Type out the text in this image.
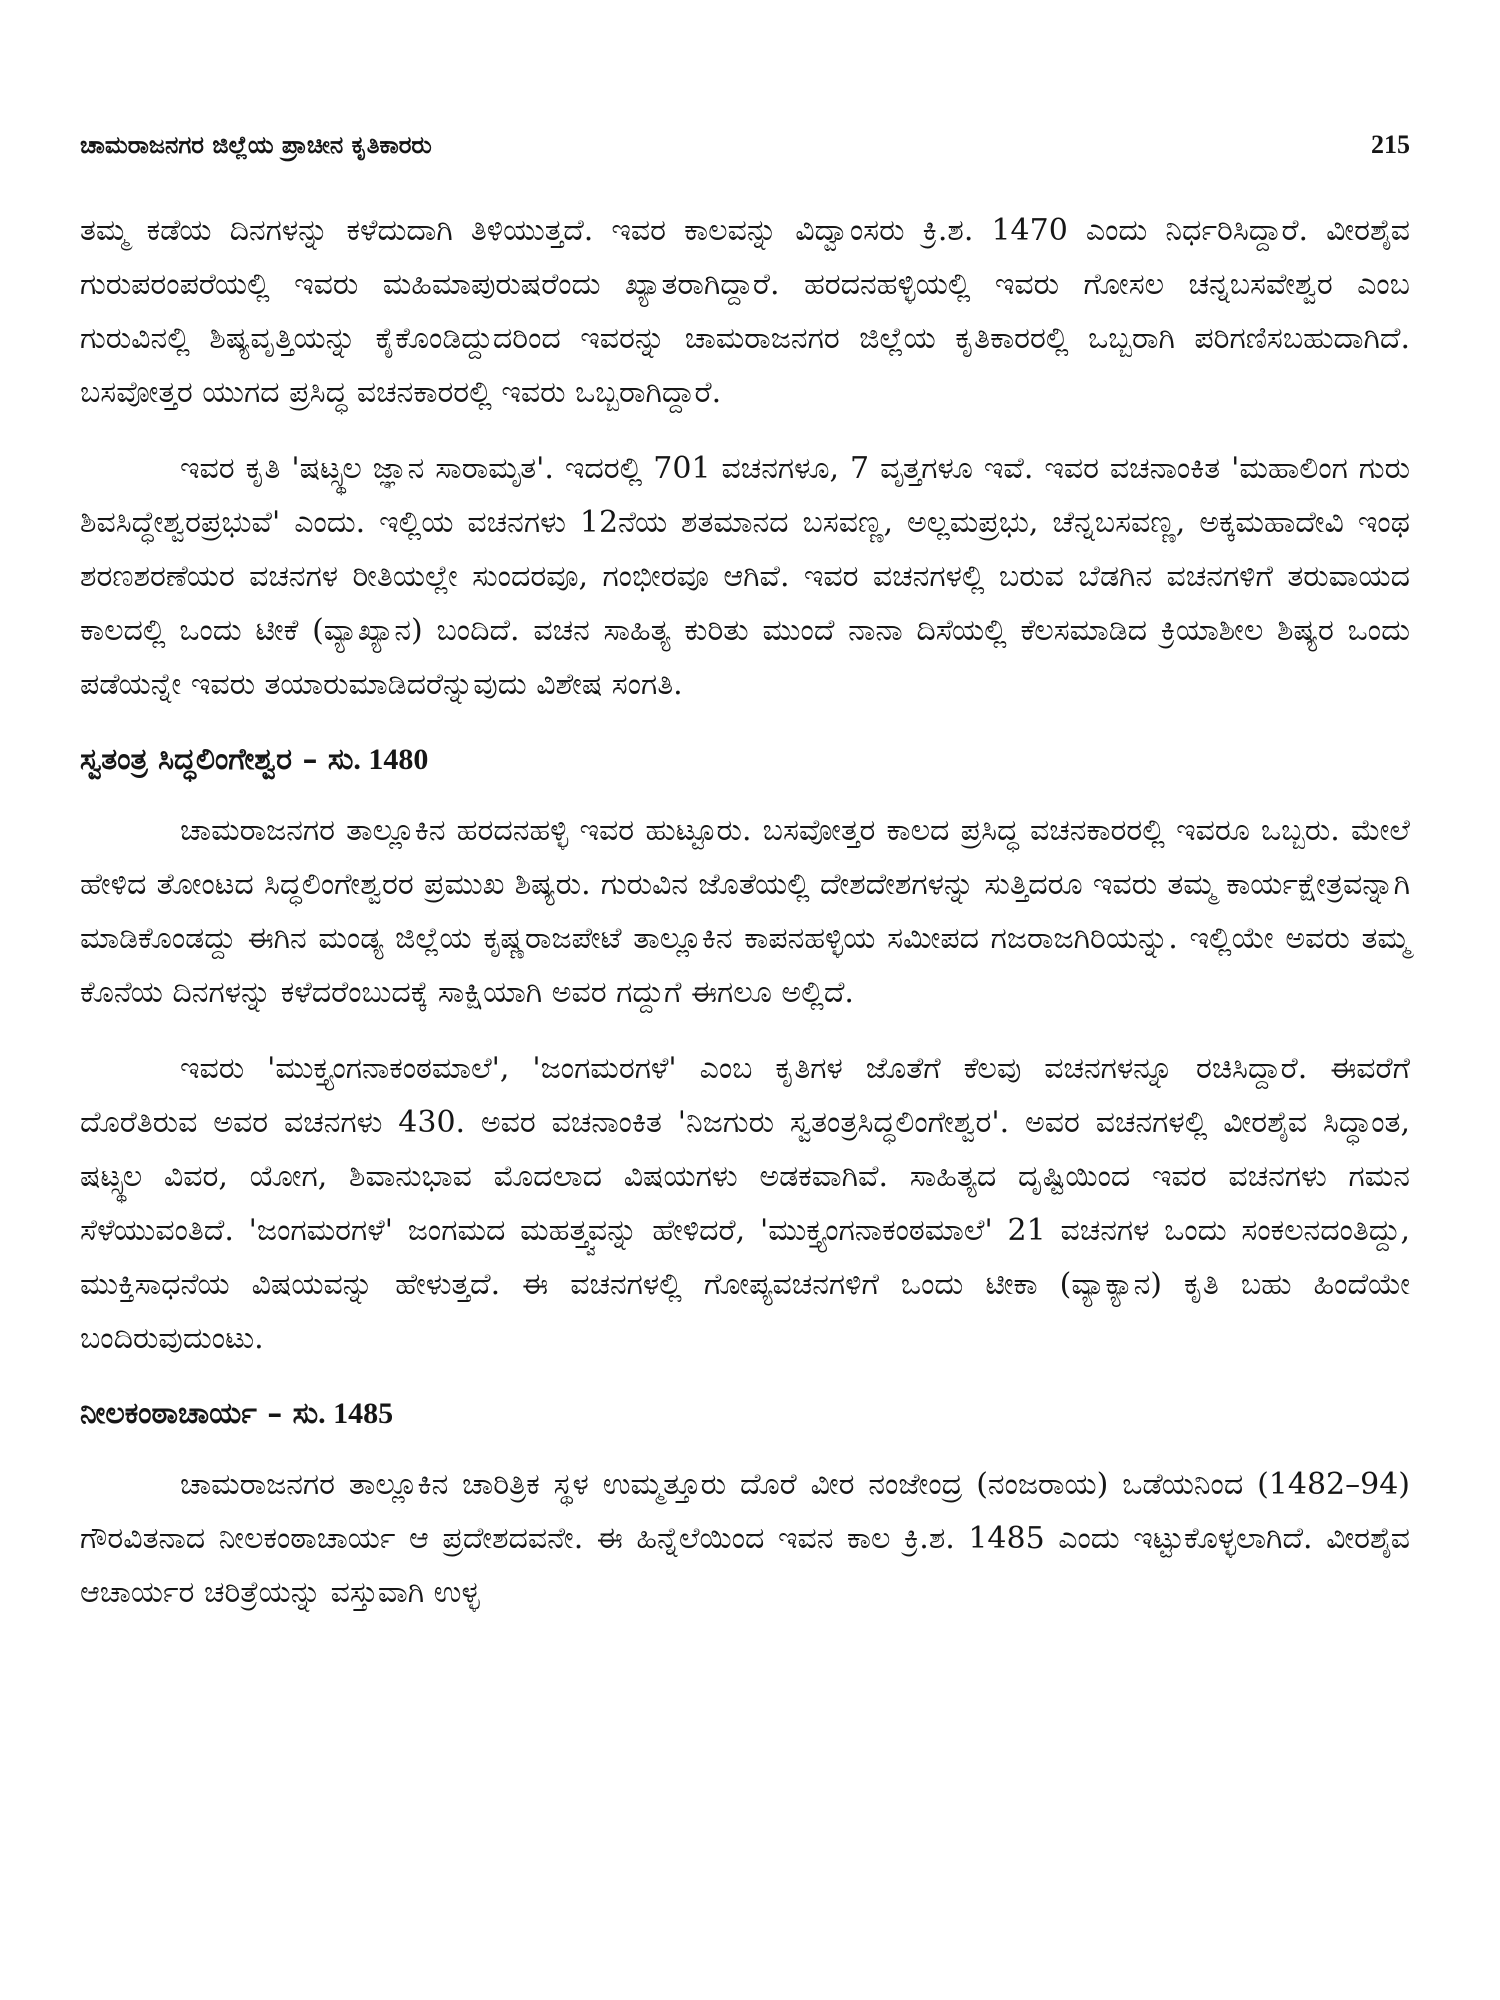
ಚಾಮರಾಜನಗರ ಜಿಲ್ಲೆಯ ಪ್ರಾಚೀನ ಕೃತಿಕಾರರು	215

ತಮ್ಮ ಕಡೆಯ ದಿನಗಳನ್ನು ಕಳೆದುದಾಗಿ ತಿಳಿಯುತ್ತದೆ. ಇವರ ಕಾಲವನ್ನು ವಿದ್ವಾಂಸರು ಕ್ರಿ.ಶ. 1470 ಎಂದು ನಿರ್ಧರಿಸಿದ್ದಾರೆ. ವೀರಶೈವ ಗುರುಪರಂಪರೆಯಲ್ಲಿ ಇವರು ಮಹಿಮಾಪುರುಷರೆಂದು ಖ್ಯಾತರಾಗಿದ್ದಾರೆ. ಹರದನಹಳ್ಳಿಯಲ್ಲಿ ಇವರು ಗೋಸಲ ಚನ್ನಬಸವೇಶ್ವರ ಎಂಬ ಗುರುವಿನಲ್ಲಿ ಶಿಷ್ಯವೃತ್ತಿಯನ್ನು ಕೈಕೊಂಡಿದ್ದುದರಿಂದ ಇವರನ್ನು ಚಾಮರಾಜನಗರ ಜಿಲ್ಲೆಯ ಕೃತಿಕಾರರಲ್ಲಿ ಒಬ್ಬರಾಗಿ ಪರಿಗಣಿಸಬಹುದಾಗಿದೆ. ಬಸವೋತ್ತರ ಯುಗದ ಪ್ರಸಿದ್ಧ ವಚನಕಾರರಲ್ಲಿ ಇವರು ಒಬ್ಬರಾಗಿದ್ದಾರೆ.

ಇವರ ಕೃತಿ 'ಷಟ್ಸ್ಥಲ ಜ್ಞಾನ ಸಾರಾಮೃತ'. ಇದರಲ್ಲಿ 701 ವಚನಗಳೂ, 7 ವೃತ್ತಗಳೂ ಇವೆ. ಇವರ ವಚನಾಂಕಿತ 'ಮಹಾಲಿಂಗ ಗುರು ಶಿವಸಿದ್ಧೇಶ್ವರಪ್ರಭುವೆ' ಎಂದು. ಇಲ್ಲಿಯ ವಚನಗಳು 12ನೆಯ ಶತಮಾನದ ಬಸವಣ್ಣ, ಅಲ್ಲಮಪ್ರಭು, ಚೆನ್ನಬಸವಣ್ಣ, ಅಕ್ಕಮಹಾದೇವಿ ಇಂಥ ಶರಣಶರಣೆಯರ ವಚನಗಳ ರೀತಿಯಲ್ಲೇ ಸುಂದರವೂ, ಗಂಭೀರವೂ ಆಗಿವೆ. ಇವರ ವಚನಗಳಲ್ಲಿ ಬರುವ ಬೆಡಗಿನ ವಚನಗಳಿಗೆ ತರುವಾಯದ ಕಾಲದಲ್ಲಿ ಒಂದು ಟೀಕೆ (ವ್ಯಾಖ್ಯಾನ) ಬಂದಿದೆ. ವಚನ ಸಾಹಿತ್ಯ ಕುರಿತು ಮುಂದೆ ನಾನಾ ದಿಸೆಯಲ್ಲಿ ಕೆಲಸಮಾಡಿದ ಕ್ರಿಯಾಶೀಲ ಶಿಷ್ಯರ ಒಂದು ಪಡೆಯನ್ನೇ ಇವರು ತಯಾರುಮಾಡಿದರೆನ್ನುವುದು ವಿಶೇಷ ಸಂಗತಿ.

ಸ್ವತಂತ್ರ ಸಿದ್ಧಲಿಂಗೇಶ್ವರ – ಸು. 1480

ಚಾಮರಾಜನಗರ ತಾಲ್ಲೂಕಿನ ಹರದನಹಳ್ಳಿ ಇವರ ಹುಟ್ಟೂರು. ಬಸವೋತ್ತರ ಕಾಲದ ಪ್ರಸಿದ್ಧ ವಚನಕಾರರಲ್ಲಿ ಇವರೂ ಒಬ್ಬರು. ಮೇಲೆ ಹೇಳಿದ ತೋಂಟದ ಸಿದ್ಧಲಿಂಗೇಶ್ವರರ ಪ್ರಮುಖ ಶಿಷ್ಯರು. ಗುರುವಿನ ಜೊತೆಯಲ್ಲಿ ದೇಶದೇಶಗಳನ್ನು ಸುತ್ತಿದರೂ ಇವರು ತಮ್ಮ ಕಾರ್ಯಕ್ಷೇತ್ರವನ್ನಾಗಿ ಮಾಡಿಕೊಂಡದ್ದು ಈಗಿನ ಮಂಡ್ಯ ಜಿಲ್ಲೆಯ ಕೃಷ್ಣರಾಜಪೇಟೆ ತಾಲ್ಲೂಕಿನ ಕಾಪನಹಳ್ಳಿಯ ಸಮೀಪದ ಗಜರಾಜಗಿರಿಯನ್ನು. ಇಲ್ಲಿಯೇ ಅವರು ತಮ್ಮ ಕೊನೆಯ ದಿನಗಳನ್ನು ಕಳೆದರೆಂಬುದಕ್ಕೆ ಸಾಕ್ಷಿಯಾಗಿ ಅವರ ಗದ್ದುಗೆ ಈಗಲೂ ಅಲ್ಲಿದೆ.

ಇವರು 'ಮುಕ್ತ್ಯಂಗನಾಕಂಠಮಾಲೆ', 'ಜಂಗಮರಗಳೆ' ಎಂಬ ಕೃತಿಗಳ ಜೊತೆಗೆ ಕೆಲವು ವಚನಗಳನ್ನೂ ರಚಿಸಿದ್ದಾರೆ. ಈವರೆಗೆ ದೊರೆತಿರುವ ಅವರ ವಚನಗಳು 430. ಅವರ ವಚನಾಂಕಿತ 'ನಿಜಗುರು ಸ್ವತಂತ್ರಸಿದ್ಧಲಿಂಗೇಶ್ವರ'. ಅವರ ವಚನಗಳಲ್ಲಿ ವೀರಶೈವ ಸಿದ್ಧಾಂತ, ಷಟ್ಸ್ಥಲ ವಿವರ, ಯೋಗ, ಶಿವಾನುಭಾವ ಮೊದಲಾದ ವಿಷಯಗಳು ಅಡಕವಾಗಿವೆ. ಸಾಹಿತ್ಯದ ದೃಷ್ಟಿಯಿಂದ ಇವರ ವಚನಗಳು ಗಮನ ಸೆಳೆಯುವಂತಿದೆ. 'ಜಂಗಮರಗಳೆ' ಜಂಗಮದ ಮಹತ್ತ್ವವನ್ನು ಹೇಳಿದರೆ, 'ಮುಕ್ತ್ಯಂಗನಾಕಂಠಮಾಲೆ' 21 ವಚನಗಳ ಒಂದು ಸಂಕಲನದಂತಿದ್ದು, ಮುಕ್ತಿಸಾಧನೆಯ ವಿಷಯವನ್ನು ಹೇಳುತ್ತದೆ. ಈ ವಚನಗಳಲ್ಲಿ ಗೋಪ್ಯವಚನಗಳಿಗೆ ಒಂದು ಟೀಕಾ (ವ್ಯಾಕ್ಯಾನ) ಕೃತಿ ಬಹು ಹಿಂದೆಯೇ ಬಂದಿರುವುದುಂಟು.

ನೀಲಕಂಠಾಚಾರ್ಯ – ಸು. 1485

ಚಾಮರಾಜನಗರ ತಾಲ್ಲೂಕಿನ ಚಾರಿತ್ರಿಕ ಸ್ಥಳ ಉಮ್ಮತ್ತೂರು ದೊರೆ ವೀರ ನಂಜೇಂದ್ರ (ನಂಜರಾಯ) ಒಡೆಯನಿಂದ (1482–94) ಗೌರವಿತನಾದ ನೀಲಕಂಠಾಚಾರ್ಯ ಆ ಪ್ರದೇಶದವನೇ. ಈ ಹಿನ್ನೆಲೆಯಿಂದ ಇವನ ಕಾಲ ಕ್ರಿ.ಶ. 1485 ಎಂದು ಇಟ್ಟುಕೊಳ್ಳಲಾಗಿದೆ. ವೀರಶೈವ ಆಚಾರ್ಯರ ಚರಿತ್ರೆಯನ್ನು ವಸ್ತುವಾಗಿ ಉಳ್ಳ
